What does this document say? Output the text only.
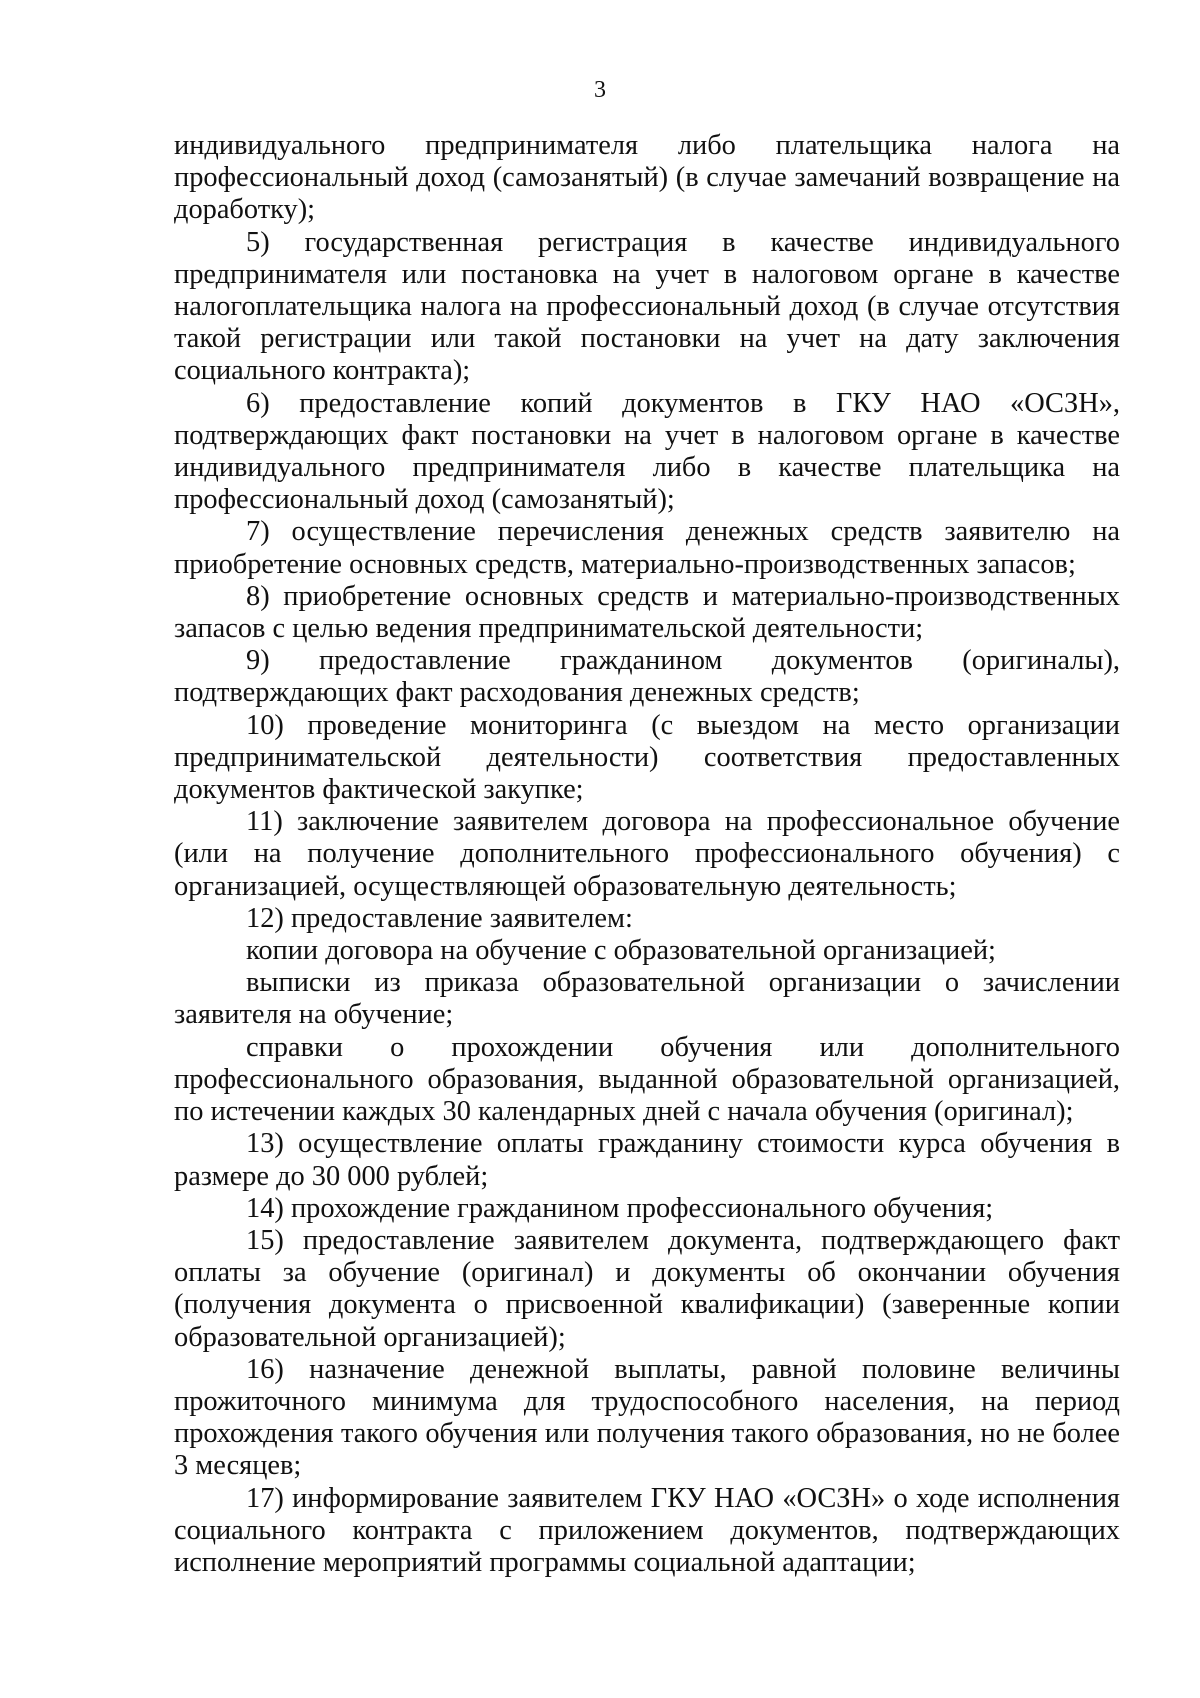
3

индивидуального предпринимателя либо плательщика налога на профессиональный доход (самозанятый) (в случае замечаний возвращение на доработку);

5) государственная регистрация в качестве индивидуального предпринимателя или постановка на учет в налоговом органе в качестве налогоплательщика налога на профессиональный доход (в случае отсутствия такой регистрации или такой постановки на учет на дату заключения социального контракта);

6) предоставление копий документов в ГКУ НАО «ОСЗН», подтверждающих факт постановки на учет в налоговом органе в качестве индивидуального предпринимателя либо в качестве плательщика на профессиональный доход (самозанятый);

7) осуществление перечисления денежных средств заявителю на приобретение основных средств, материально-производственных запасов;

8) приобретение основных средств и материально-производственных запасов с целью ведения предпринимательской деятельности;

9) предоставление гражданином документов (оригиналы), подтверждающих факт расходования денежных средств;

10) проведение мониторинга (с выездом на место организации предпринимательской деятельности) соответствия предоставленных документов фактической закупке;

11) заключение заявителем договора на профессиональное обучение (или на получение дополнительного профессионального обучения) с организацией, осуществляющей образовательную деятельность;

12) предоставление заявителем:

копии договора на обучение с образовательной организацией;

выписки из приказа образовательной организации о зачислении заявителя на обучение;

справки о прохождении обучения или дополнительного профессионального образования, выданной образовательной организацией, по истечении каждых 30 календарных дней с начала обучения (оригинал);

13) осуществление оплаты гражданину стоимости курса обучения в размере до 30 000 рублей;

14) прохождение гражданином профессионального обучения;

15) предоставление заявителем документа, подтверждающего факт оплаты за обучение (оригинал) и документы об окончании обучения (получения документа о присвоенной квалификации) (заверенные копии образовательной организацией);

16) назначение денежной выплаты, равной половине величины прожиточного минимума для трудоспособного населения, на период прохождения такого обучения или получения такого образования, но не более 3 месяцев;

17) информирование заявителем ГКУ НАО «ОСЗН» о ходе исполнения социального контракта с приложением документов, подтверждающих исполнение мероприятий программы социальной адаптации;
